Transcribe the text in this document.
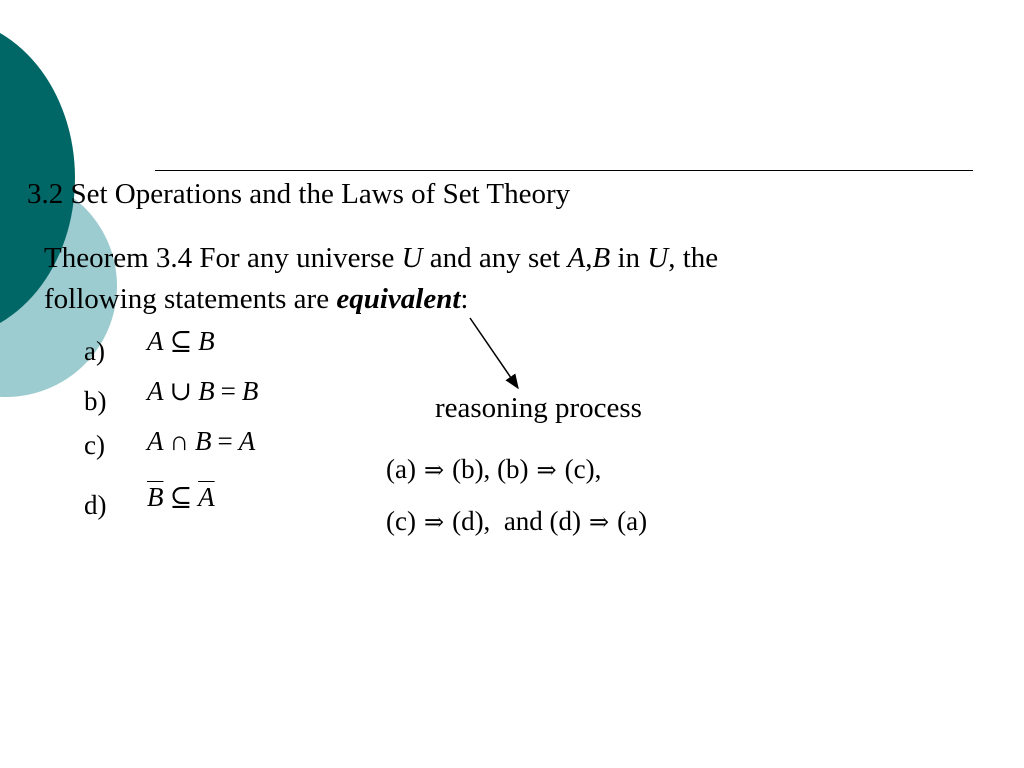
3.2 Set Operations and the Laws of Set Theory
Theorem 3.4 For any universe U and any set A,B in U, the
following statements are equivalent:
a) A ⊆ B
b) A ∪ B = B
c) A ∩ B = A
d) $\overline{B}$ ⊆ $\overline{A}$
reasoning process
(a) ⇒ (b), (b) ⇒ (c),
(c) ⇒ (d), and (d) ⇒ (a)
